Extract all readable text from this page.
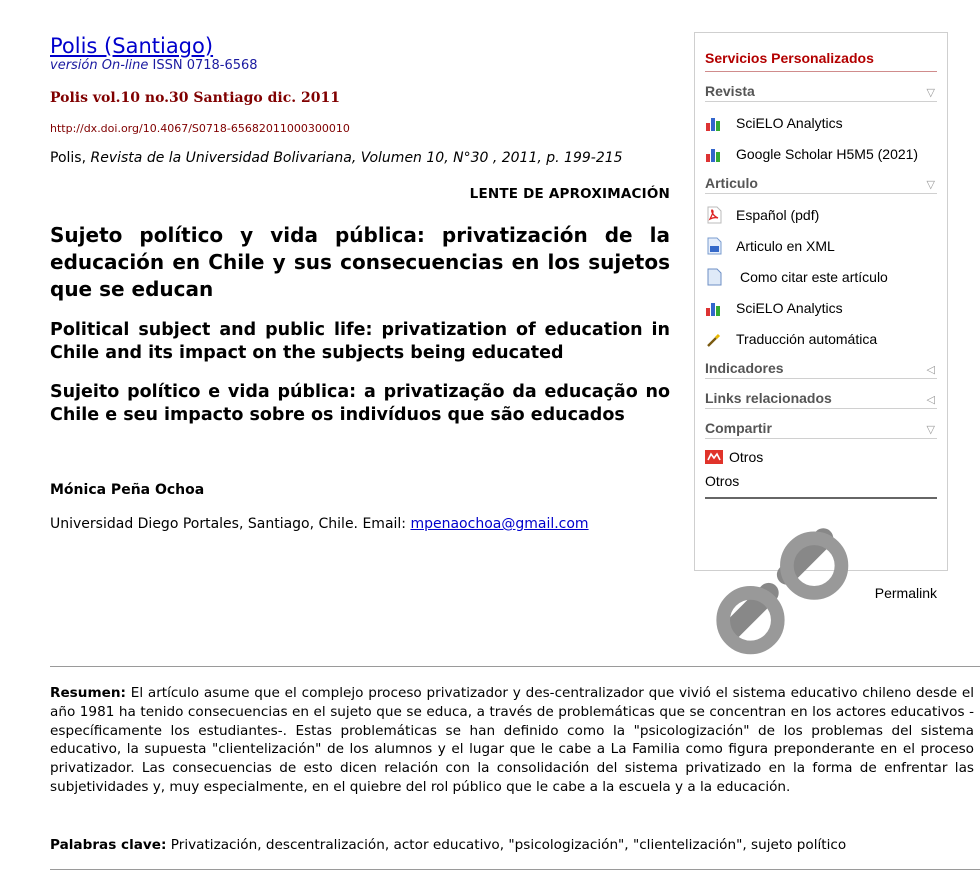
Polis (Santiago)
versión On-line ISSN 0718-6568
Polis vol.10 no.30 Santiago dic. 2011
http://dx.doi.org/10.4067/S0718-65682011000300010
Polis, Revista de la Universidad Bolivariana, Volumen 10, N°30 , 2011, p. 199-215
LENTE DE APROXIMACIÓN
Sujeto político y vida pública: privatización de la educación en Chile y sus consecuencias en los sujetos que se educan
Political subject and public life: privatization of education in Chile and its impact on the subjects being educated
Sujeito político e vida pública: a privatização da educação no Chile e seu impacto sobre os indivíduos que são educados
Mónica Peña Ochoa
Universidad Diego Portales, Santiago, Chile. Email: mpenaochoa@gmail.com
Servicios Personalizados
Revista	▽
SciELO Analytics
Google Scholar H5M5 (2021)
Articulo	▽
Español (pdf)
Articulo en XML
Como citar este artículo
SciELO Analytics
Traducción automática
Indicadores	◁
Links relacionados	◁
Compartir	▽
Otros
Otros
Permalink
Resumen: El artículo asume que el complejo proceso privatizador y des-centralizador que vivió el sistema educativo chileno desde el año 1981 ha tenido consecuencias en el sujeto que se educa, a través de problemáticas que se concentran en los actores educativos -específicamente los estudiantes-. Estas problemáticas se han definido como la "psicologización" de los problemas del sistema educativo, la supuesta "clientelización" de los alumnos y el lugar que le cabe a La Familia como figura preponderante en el proceso privatizador. Las consecuencias de esto dicen relación con la consolidación del sistema privatizado en la forma de enfrentar las subjetividades y, muy especialmente, en el quiebre del rol público que le cabe a la escuela y a la educación.
Palabras clave: Privatización, descentralización, actor educativo, "psicologización", "clientelización", sujeto político
